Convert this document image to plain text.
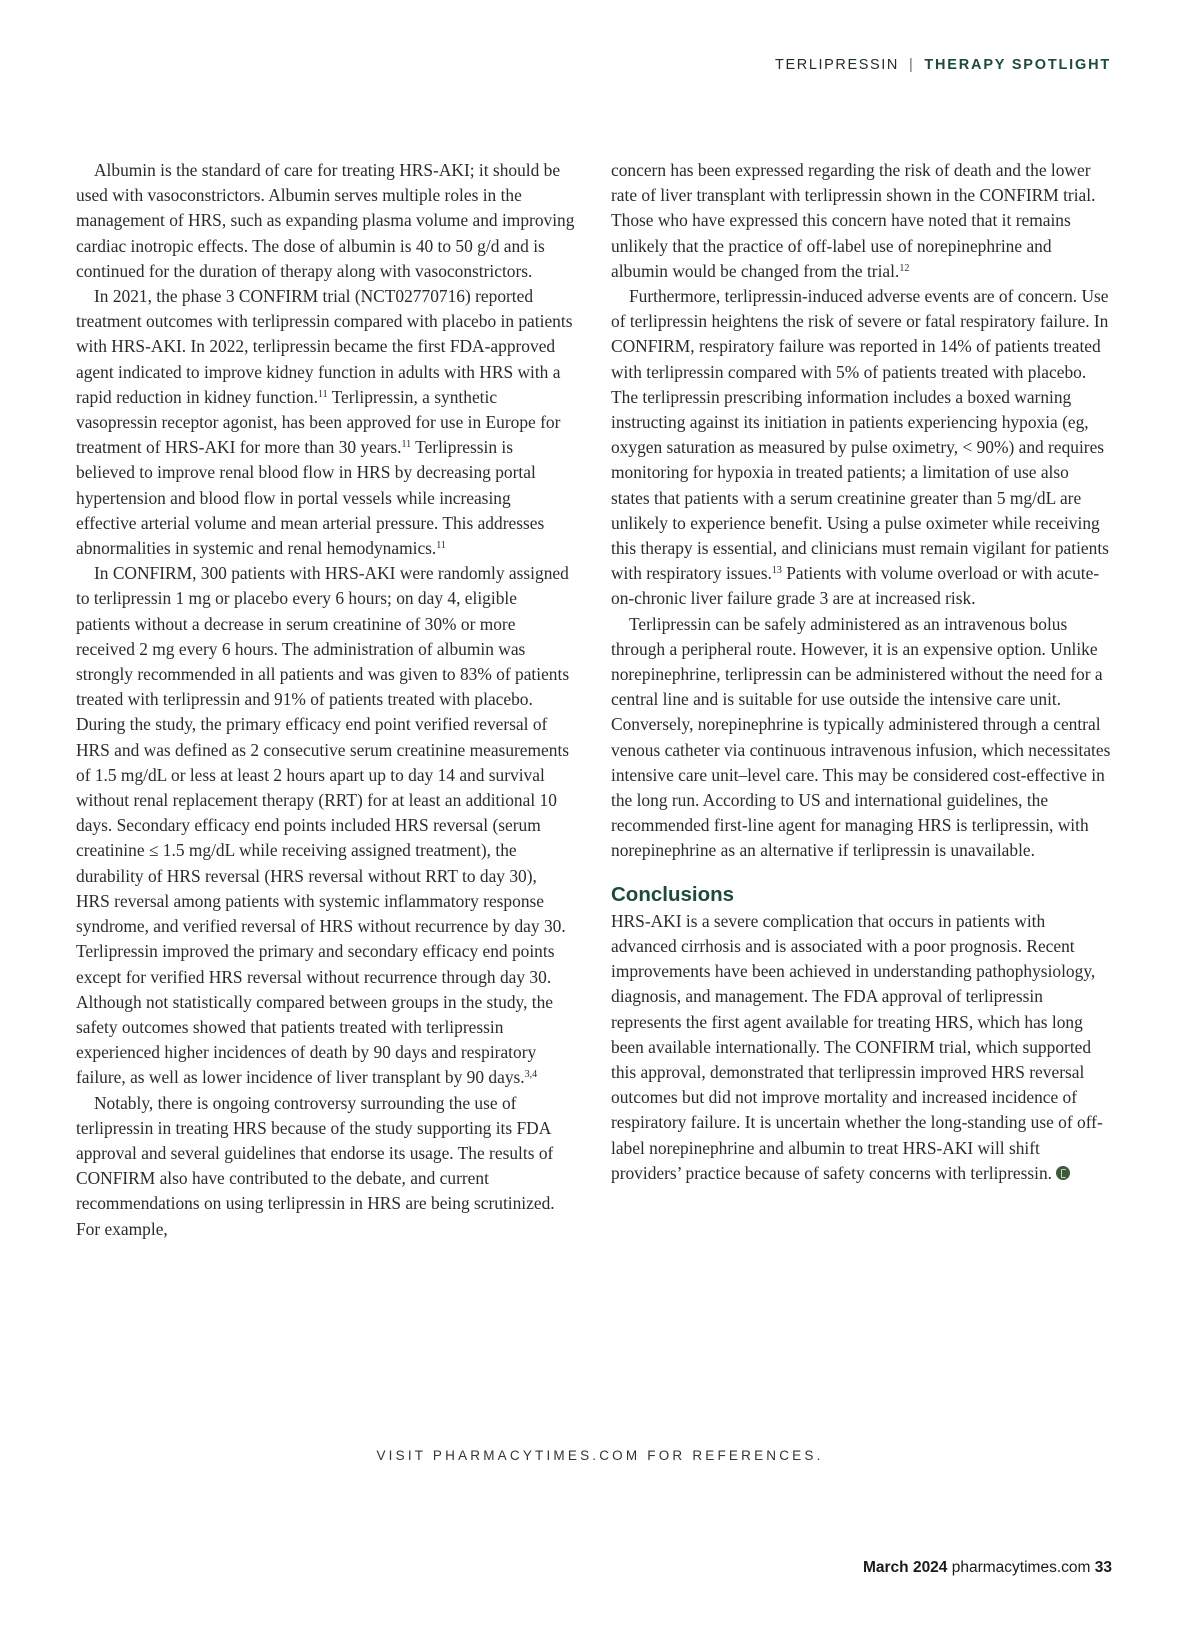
TERLIPRESSIN | THERAPY SPOTLIGHT

Albumin is the standard of care for treating HRS-AKI; it should be used with vasoconstrictors. Albumin serves multiple roles in the management of HRS, such as expanding plasma volume and improving cardiac inotropic effects. The dose of albumin is 40 to 50 g/d and is continued for the duration of therapy along with vasoconstrictors.

In 2021, the phase 3 CONFIRM trial (NCT02770716) reported treatment outcomes with terlipressin compared with placebo in patients with HRS-AKI. In 2022, terlipressin became the first FDA-approved agent indicated to improve kidney function in adults with HRS with a rapid reduction in kidney function.$^{11}$ Terlipressin, a synthetic vasopressin receptor agonist, has been approved for use in Europe for treatment of HRS-AKI for more than 30 years.$^{11}$ Terlipressin is believed to improve renal blood flow in HRS by decreasing portal hypertension and blood flow in portal vessels while increasing effective arterial volume and mean arterial pressure. This addresses abnormalities in systemic and renal hemodynamics.$^{11}$

In CONFIRM, 300 patients with HRS-AKI were randomly assigned to terlipressin 1 mg or placebo every 6 hours; on day 4, eligible patients without a decrease in serum creatinine of 30% or more received 2 mg every 6 hours. The administration of albumin was strongly recommended in all patients and was given to 83% of patients treated with terlipressin and 91% of patients treated with placebo. During the study, the primary efficacy end point verified reversal of HRS and was defined as 2 consecutive serum creatinine measurements of 1.5 mg/dL or less at least 2 hours apart up to day 14 and survival without renal replacement therapy (RRT) for at least an additional 10 days. Secondary efficacy end points included HRS reversal (serum creatinine ≤ 1.5 mg/dL while receiving assigned treatment), the durability of HRS reversal (HRS reversal without RRT to day 30), HRS reversal among patients with systemic inflammatory response syndrome, and verified reversal of HRS without recurrence by day 30. Terlipressin improved the primary and secondary efficacy end points except for verified HRS reversal without recurrence through day 30. Although not statistically compared between groups in the study, the safety outcomes showed that patients treated with terlipressin experienced higher incidences of death by 90 days and respiratory failure, as well as lower incidence of liver transplant by 90 days.$^{3,4}$

Notably, there is ongoing controversy surrounding the use of terlipressin in treating HRS because of the study supporting its FDA approval and several guidelines that endorse its usage. The results of CONFIRM also have contributed to the debate, and current recommendations on using terlipressin in HRS are being scrutinized. For example,

concern has been expressed regarding the risk of death and the lower rate of liver transplant with terlipressin shown in the CONFIRM trial. Those who have expressed this concern have noted that it remains unlikely that the practice of off-label use of norepinephrine and albumin would be changed from the trial.$^{12}$

Furthermore, terlipressin-induced adverse events are of concern. Use of terlipressin heightens the risk of severe or fatal respiratory failure. In CONFIRM, respiratory failure was reported in 14% of patients treated with terlipressin compared with 5% of patients treated with placebo. The terlipressin prescribing information includes a boxed warning instructing against its initiation in patients experiencing hypoxia (eg, oxygen saturation as measured by pulse oximetry, < 90%) and requires monitoring for hypoxia in treated patients; a limitation of use also states that patients with a serum creatinine greater than 5 mg/dL are unlikely to experience benefit. Using a pulse oximeter while receiving this therapy is essential, and clinicians must remain vigilant for patients with respiratory issues.$^{13}$ Patients with volume overload or with acute-on-chronic liver failure grade 3 are at increased risk.

Terlipressin can be safely administered as an intravenous bolus through a peripheral route. However, it is an expensive option. Unlike norepinephrine, terlipressin can be administered without the need for a central line and is suitable for use outside the intensive care unit. Conversely, norepinephrine is typically administered through a central venous catheter via continuous intravenous infusion, which necessitates intensive care unit–level care. This may be considered cost-effective in the long run. According to US and international guidelines, the recommended first-line agent for managing HRS is terlipressin, with norepinephrine as an alternative if terlipressin is unavailable.

Conclusions

HRS-AKI is a severe complication that occurs in patients with advanced cirrhosis and is associated with a poor prognosis. Recent improvements have been achieved in understanding pathophysiology, diagnosis, and management. The FDA approval of terlipressin represents the first agent available for treating HRS, which has long been available internationally. The CONFIRM trial, which supported this approval, demonstrated that terlipressin improved HRS reversal outcomes but did not improve mortality and increased incidence of respiratory failure. It is uncertain whether the long-standing use of off-label norepinephrine and albumin to treat HRS-AKI will shift providers’ practice because of safety concerns with terlipressin.

VISIT PHARMACYTIMES.COM FOR REFERENCES.
March 2024 pharmacytimes.com 33
